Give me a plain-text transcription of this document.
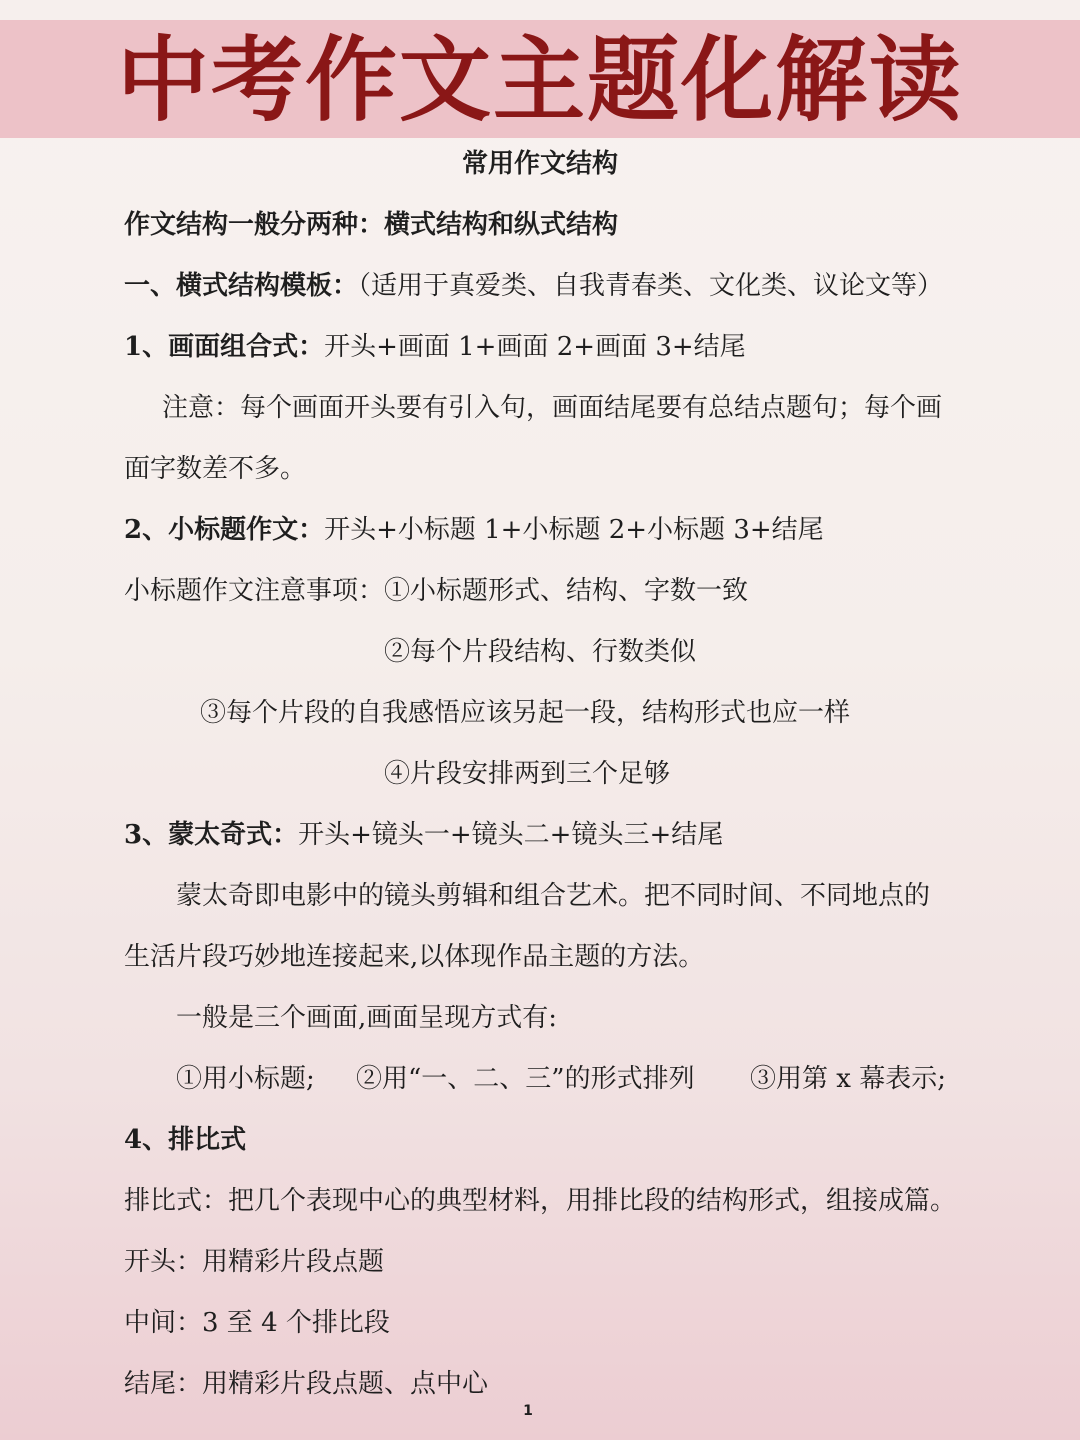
中考作文主题化解读
常用作文结构
作文结构一般分两种：横式结构和纵式结构
一、横式结构模板：（适用于真爱类、自我青春类、文化类、议论文等）
1、画面组合式：开头+画面 1+画面 2+画面 3+结尾
注意：每个画面开头要有引入句，画面结尾要有总结点题句；每个画
面字数差不多。
2、小标题作文：开头+小标题 1+小标题 2+小标题 3+结尾
小标题作文注意事项：①小标题形式、结构、字数一致
②每个片段结构、行数类似
③每个片段的自我感悟应该另起一段，结构形式也应一样
④片段安排两到三个足够
3、蒙太奇式：开头+镜头一+镜头二+镜头三+结尾
蒙太奇即电影中的镜头剪辑和组合艺术。把不同时间、不同地点的
生活片段巧妙地连接起来,以体现作品主题的方法。
一般是三个画面,画面呈现方式有:
①用小标题; ②用“一、二、三”的形式排列 ③用第 x 幕表示;
4、排比式
排比式：把几个表现中心的典型材料，用排比段的结构形式，组接成篇。
开头：用精彩片段点题
中间：3 至 4 个排比段
结尾：用精彩片段点题、点中心
1
